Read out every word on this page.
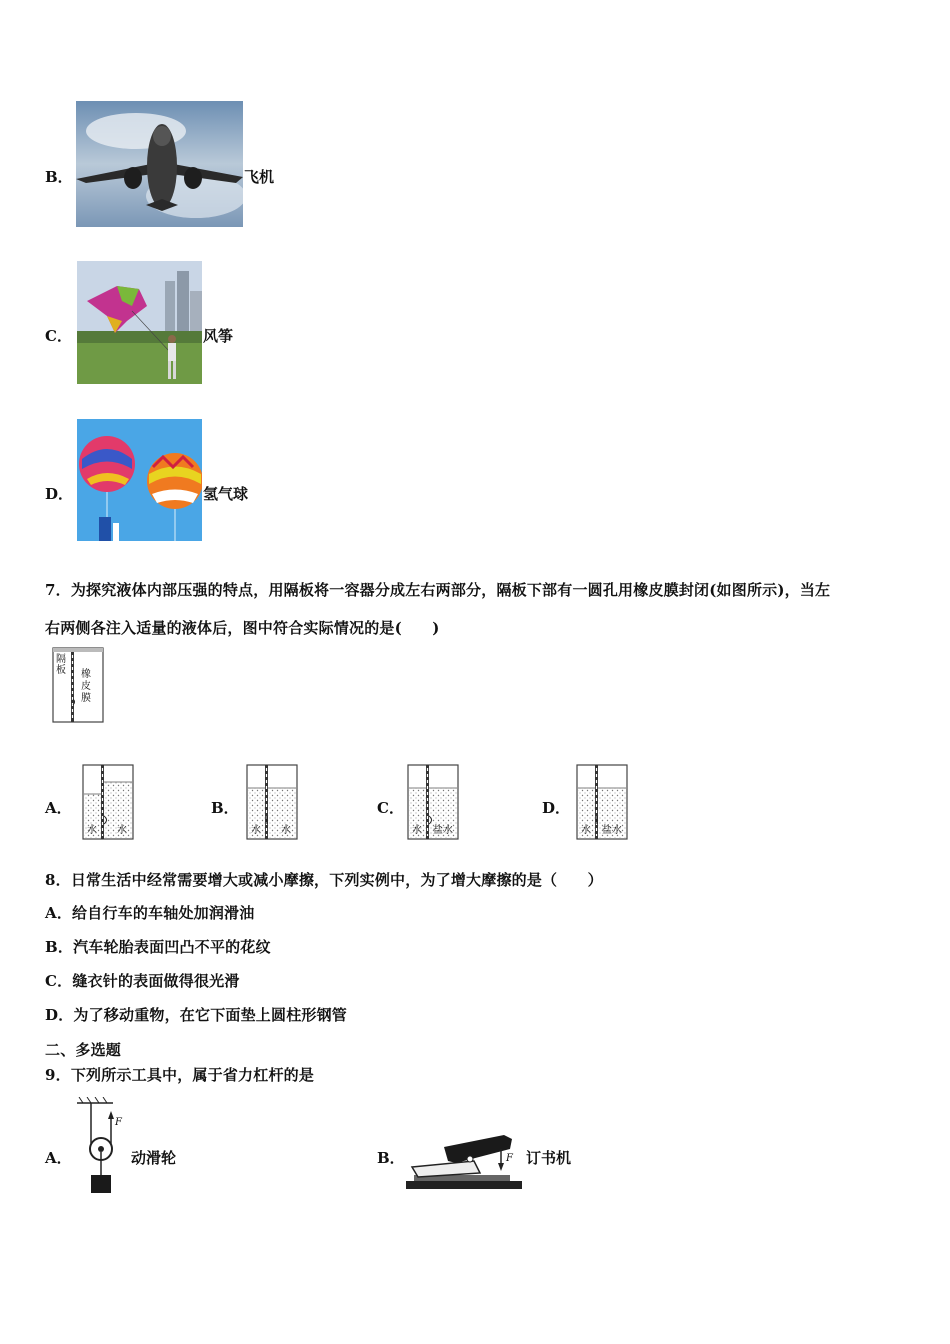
B．	飞机
C．	风筝
D．	氢气球
7．为探究液体内部压强的特点，用隔板将一容器分成左右两部分，隔板下部有一圆孔用橡皮膜封闭(如图所示)，当左
右两侧各注入适量的液体后，图中符合实际情况的是(　　)
隔板 橡皮膜
A．
水 水
B．
水 水
C．
水 盐水
D．
水 盐水
8．日常生活中经常需要增大或减小摩擦，下列实例中，为了增大摩擦的是（　　）
A．给自行车的车轴处加润滑油
B．汽车轮胎表面凹凸不平的花纹
C．缝衣针的表面做得很光滑
D．为了移动重物，在它下面垫上圆柱形钢管
二、多选题
9．下列所示工具中，属于省力杠杆的是
A．
F
动滑轮	B．	F 订书机
